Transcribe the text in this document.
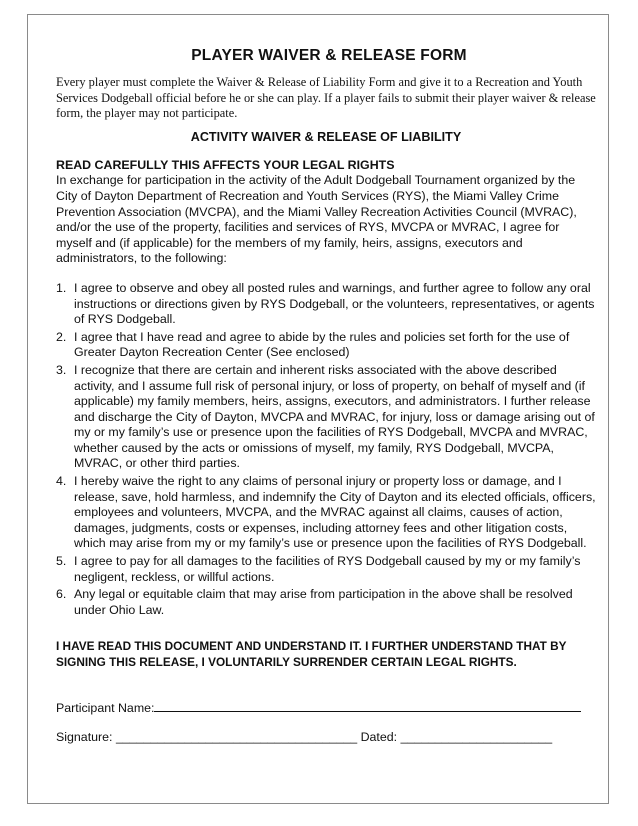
PLAYER WAIVER & RELEASE FORM

Every player must complete the Waiver & Release of Liability Form and give it to a Recreation and Youth Services Dodgeball official before he or she can play. If a player fails to submit their player waiver & release form, the player may not participate.

ACTIVITY WAIVER & RELEASE OF LIABILITY

READ CAREFULLY THIS AFFECTS YOUR LEGAL RIGHTS

In exchange for participation in the activity of the Adult Dodgeball Tournament organized by the City of Dayton Department of Recreation and Youth Services (RYS), the Miami Valley Crime Prevention Association (MVCPA), and the Miami Valley Recreation Activities Council (MVRAC), and/or the use of the property, facilities and services of RYS, MVCPA or MVRAC, I agree for myself and (if applicable) for the members of my family, heirs, assigns, executors and administrators, to the following:

1. I agree to observe and obey all posted rules and warnings, and further agree to follow any oral instructions or directions given by RYS Dodgeball, or the volunteers, representatives, or agents of RYS Dodgeball.
2. I agree that I have read and agree to abide by the rules and policies set forth for the use of Greater Dayton Recreation Center (See enclosed)
3. I recognize that there are certain and inherent risks associated with the above described activity, and I assume full risk of personal injury, or loss of property, on behalf of myself and (if applicable) my family members, heirs, assigns, executors, and administrators. I further release and discharge the City of Dayton, MVCPA and MVRAC, for injury, loss or damage arising out of my or my family’s use or presence upon the facilities of RYS Dodgeball, MVCPA and MVRAC, whether caused by the acts or omissions of myself, my family, RYS Dodgeball, MVCPA, MVRAC, or other third parties.
4. I hereby waive the right to any claims of personal injury or property loss or damage, and I release, save, hold harmless, and indemnify the City of Dayton and its elected officials, officers, employees and volunteers, MVCPA, and the MVRAC against all claims, causes of action, damages, judgments, costs or expenses, including attorney fees and other litigation costs, which may arise from my or my family’s use or presence upon the facilities of RYS Dodgeball.
5. I agree to pay for all damages to the facilities of RYS Dodgeball caused by my or my family’s negligent, reckless, or willful actions.
6. Any legal or equitable claim that may arise from participation in the above shall be resolved under Ohio Law.

I HAVE READ THIS DOCUMENT AND UNDERSTAND IT. I FURTHER UNDERSTAND THAT BY SIGNING THIS RELEASE, I VOLUNTARILY SURRENDER CERTAIN LEGAL RIGHTS.

Participant Name:
Signature: ___________________________________ Dated: ______________________
